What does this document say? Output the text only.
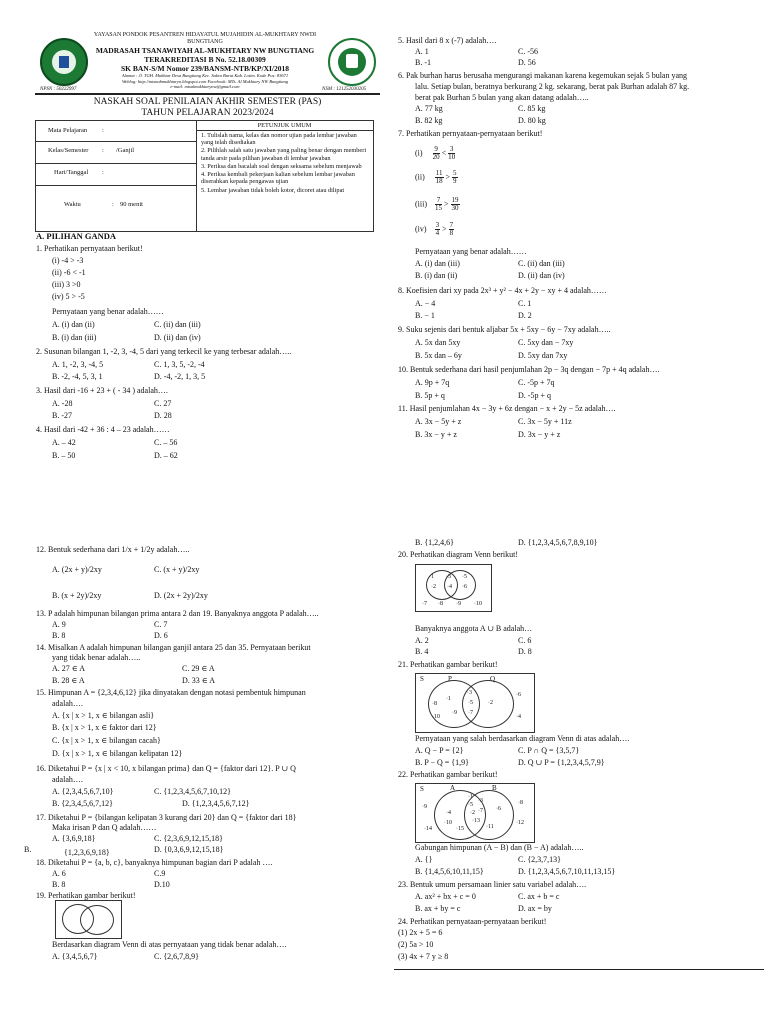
YAYASAN PONDOK PESANTREN HIDAYATUL MUJAHIDIN AL-MUKHTARY NWDI BUNGTIANG
MADRASAH TSANAWIYAH AL-MUKHTARY NW BUNGTIANG
TERAKREDITASI B No. 52.18.00309
SK BAN-S/M Nomor 239/BANSM-NTB/KP/XI/2018
Alamat : Jl. TGH. Mukhtar Desa Bungtiang Kec. Sakra Barat Kab. Lotim. Kode Pos: 83671
Weblog: http://mtsnubmukhtaryn.blogspot.com Facebook: MTs. Al Mukhtary NW Bungtiang
e-mail: mtsalmukhtarynw@gmail.com
NPSN : 50222997	NSM : 121252030205
NASKAH SOAL PENILAIAN AKHIR SEMESTER (PAS)
TAHUN PELAJARAN 2023/2024
Mata Pelajaran :
Kelas/Semester : /Ganjil
Hari/Tanggal :
Waktu	: 90 menit
PETUNJUK UMUM
1. Tulislah nama, kelas dan nomor ujian pada lembar jawaban yang telah disediakan
2. Pilihlah salah satu jawaban yang paling benar dengan memberi tanda arsir pada pilihan jawaban di lembar jawaban
3. Periksa dan bacalah soal dengan seksama sebelum menjawab
4. Periksa kembali pekerjaan kalian sebelum lembar jawaban diserahkan kepada pengawas ujian
5. Lembar jawaban tidak boleh kotor, dicoret atau dilipat
A. PILIHAN GANDA
1. Perhatikan pernyataan berikut!
(i) -4 > -3
(ii) -6 < -1
(iii) 3 >0
(iv) 5 > -5
Pernyataan yang benar adalah……
A. (i) dan (ii)	C. (ii) dan (iii)
B. (i) dan (iii)	D. (ii) dan (iv)
2. Susunan bilangan 1, -2, 3, -4, 5 dari yang terkecil ke yang terbesar adalah…..
A. 1, -2, 3, -4, 5	C. 1, 3, 5, -2, -4
B. -2, -4, 5, 3, 1	D. -4, -2, 1, 3, 5
3. Hasil dari -16 + 23 + ( - 34 ) adalah….
A. -28	C. 27
B. -27	D. 28
4. Hasil dari -42 + 36 : 4 – 23 adalah……
A. – 42	C. – 56
B. – 50	D. – 62
5. Hasil dari 8 x (-7) adalah….
A. 1	C. -56
B. -1	D. 56
6. Pak burhan harus berusaha mengurangi makanan karena kegemukan sejak 5 bulan yang
lalu. Setiap bulan, beratnya berkurang 2 kg. sekarang, berat pak Burhan adalah 87 kg.
berat pak Burhan 5 bulan yang akan datang adalah…..
A. 77 kg	C. 85 kg
B. 82 kg	D. 80 kg
7. Perhatikan pernyataan-pernyataan berikut!
$(i) \frac{9}{20} < \frac{3}{10}$
$(ii) \frac{11}{18} > \frac{5}{9}$
$(iii) \frac{7}{15} > \frac{19}{30}$
$(iv) \frac{3}{4} > \frac{7}{8}$
Pernyataan yang benar adalah……
A. (i) dan (iii)	C. (ii) dan (iii)
B. (i) dan (ii)	D. (ii) dan (iv)
8. Koefisien dari xy pada 2x³ + y² − 4x + 2y − xy + 4 adalah……
A. − 4	C. 1
B. − 1	D. 2
9. Suku sejenis dari bentuk aljabar 5x + 5xy − 6y − 7xy adalah…..
A. 5x dan 5xy	C. 5xy dan − 7xy
B. 5x dan – 6y	D. 5xy dan 7xy
10. Bentuk sederhana dari hasil penjumlahan 2p − 3q dengan − 7p + 4q adalah….
A. 9p + 7q	C. -5p + 7q
B. 5p + q	D. -5p + q
11. Hasil penjumlahan 4x − 3y + 6z dengan − x + 2y − 5z adalah….
A. 3x − 5y + z	C. 3x − 5y + 11z
B. 3x − y + z	D. 3x − y + z
12. Bentuk sederhana dari 1/x + 1/2y adalah…..
A. (2x + y)/2xy	C. (x + y)/2xy
B. (x + 2y)/2xy	D. (2x + 2y)/2xy
13. P adalah himpunan bilangan prima antara 2 dan 19. Banyaknya anggota P adalah…..
A. 9	C. 7
B. 8	D. 6
14. Misalkan A adalah himpunan bilangan ganjil antara 25 dan 35. Pernyataan berikut
yang tidak benar adalah…..
A. 27 ∈ A	C. 29 ∈ A
B. 28 ∈ A	D. 33 ∈ A
15. Himpunan A = {2,3,4,6,12} jika dinyatakan dengan notasi pembentuk himpunan
adalah….
A. {x | x > 1, x ∈ bilangan asli}
B. {x | x > 1, x ∈ faktor dari 12}
C. {x | x > 1, x ∈ bilangan cacah}
D. {x | x > 1, x ∈ bilangan kelipatan 12}
16. Diketahui P = {x | x < 10, x bilangan prima} dan Q = {faktor dari 12}. P ∪ Q
adalah….
A. {2,3,4,5,6,7,10}	C. {1,2,3,4,5,6,7,10,12}
B. {2,3,4,5,6,7,12}	D. {1,2,3,4,5,6,7,12}
17. Diketahui P = {bilangan kelipatan 3 kurang dari 20} dan Q = {faktor dari 18}
Maka irisan P dan Q adalah……
A. {3,6,9,18}	C. {2,3,6,9,12,15,18}
B.	{1,2,3,6,9,18}	D. {0,3,6,9,12,15,18}
18. Diketahui P = {a, b, c}, banyaknya himpunan bagian dari P adalah ….
A. 6	C.9
B. 8	D.10
19. Perhatikan gambar berikut!
Berdasarkan diagram Venn di atas pernyataan yang tidak benar adalah….
A. {3,4,5,6,7}	C. {2,6,7,8,9}
B. {1,2,4,6}	D. {1,2,3,4,5,6,7,8,9,10}
20. Perhatikan diagram Venn berikut!
·1 ·3 ·5
·2 ·4 ·6
·7 ·8 ·9 ·10
Banyaknya anggota A ∪ B adalah…
A. 2	C. 6
B. 4	D. 8
21. Perhatikan gambar berikut!
S	P	Q
·8
·1
·3
·5
·7
·2
·9
·10
·6
·4
Pernyataan yang salah berdasarkan diagram Venn di atas adalah….
A. Q − P = {2}	C. P ∩ Q = {3,5,7}
B. P − Q = {1,9}	D. Q ∪ P = {1,2,3,4,5,7,9}
22. Perhatikan gambar berikut!
S	A	B
·9
·4
·10
·14
·1
·5
·2
·3
·7
·13
·15	·11
·6
·8
·12
Gabungan himpunan (A − B) dan (B − A) adalah…..
A. {}	C. {2,3,7,13}
B. {1,4,5,6,10,11,15}	D. {1,2,3,4,5,6,7,10,11,13,15}
23. Bentuk umum persamaan linier satu variabel adalah….
A. ax² + bx + c = 0	C. ax + b = c
B. ax + by = c	D. ax = by
24. Perhatikan pernyataan-pernyataan berikut!
(1) 2x + 5 = 6
(2) 5a > 10
(3) 4x + 7 y ≥ 8
